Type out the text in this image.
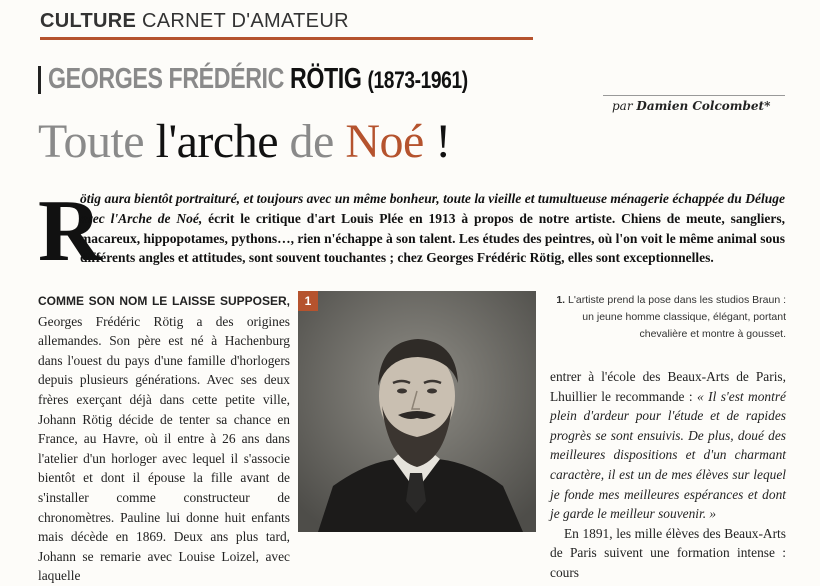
CULTURE CARNET D'AMATEUR
GEORGES FRÉDÉRIC RÖTIG (1873-1961)
par Damien Colcombet*
Toute l'arche de Noé !
R

ötig aura bientôt portraituré, et toujours avec un même bonheur, toute la vieille et tumultueuse ménagerie échappée du Déluge avec l'Arche de Noé, écrit le critique d'art Louis Plée en 1913 à propos de notre artiste. Chiens de meute, sangliers, macareux, hippopotames, pythons…, rien n'échappe à son talent. Les études des peintres, où l'on voit le même animal sous différents angles et attitudes, sont souvent touchantes ; chez Georges Frédéric Rötig, elles sont exceptionnelles.

COMME SON NOM LE LAISSE SUPPOSER, Georges Frédéric Rötig a des origines allemandes. Son père est né à Hachenburg dans l'ouest du pays d'une famille d'horlogers depuis plusieurs générations. Avec ses deux frères exerçant déjà dans cette petite ville, Johann Rötig décide de tenter sa chance en France, au Havre, où il entre à 26 ans dans l'atelier d'un horloger avec lequel il s'associe bientôt et dont il épouse la fille avant de s'installer comme constructeur de chronomètres. Pauline lui donne huit enfants mais décède en 1869. Deux ans plus tard, Johann se remarie avec Louise Loizel, avec laquelle

1	1. L'artiste prend la pose dans les studios Braun : un jeune homme classique, élégant, portant chevalière et montre à gousset.

entrer à l'école des Beaux-Arts de Paris, Lhuillier le recommande : « Il s'est montré plein d'ardeur pour l'étude et de rapides progrès se sont ensuivis. De plus, doué des meilleures dispositions et d'un charmant caractère, il est un de mes élèves sur lequel je fonde mes meilleures espérances et dont je garde le meilleur souvenir. »

En 1891, les mille élèves des Beaux-Arts de Paris suivent une formation intense : cours
